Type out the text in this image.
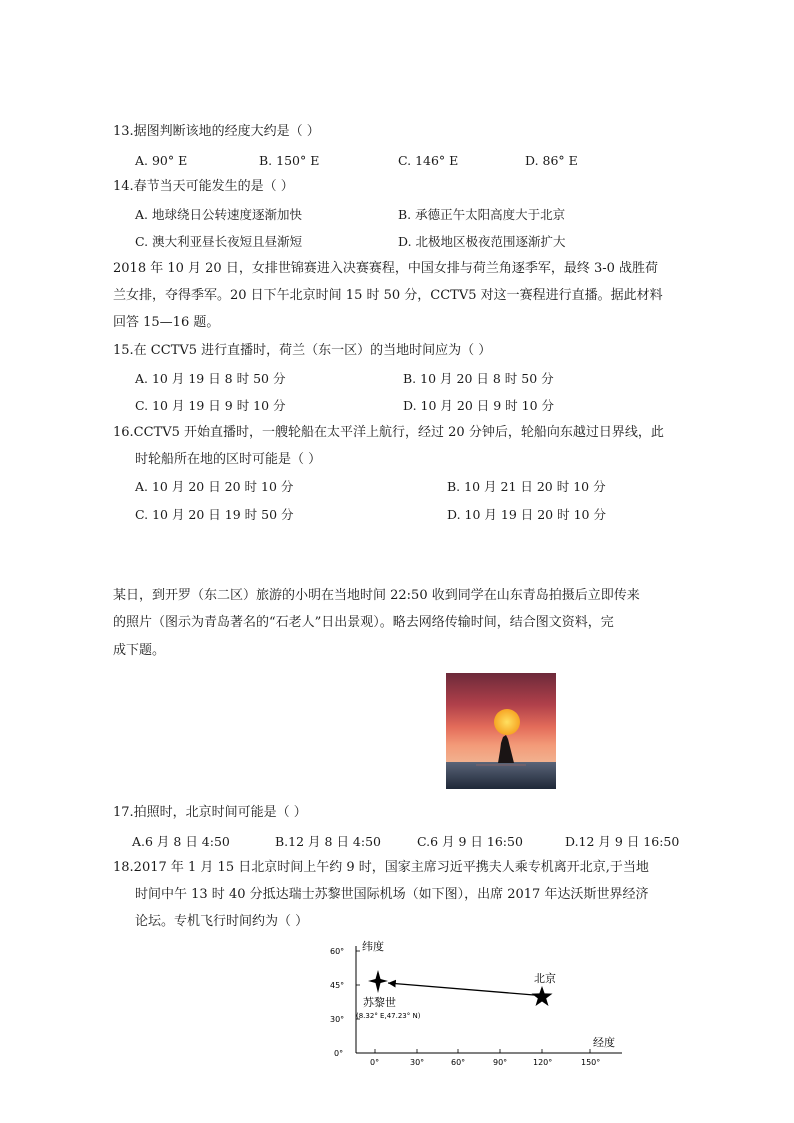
13.据图判断该地的经度大约是（ ）
A. 90° E	B. 150° E	C. 146° E	D. 86° E
14.春节当天可能发生的是（ ）
A. 地球绕日公转速度逐渐加快	B. 承德正午太阳高度大于北京
C. 澳大利亚昼长夜短且昼渐短	D. 北极地区极夜范围逐渐扩大
2018 年 10 月 20 日，女排世锦赛进入决赛赛程，中国女排与荷兰角逐季军，最终 3-0 战胜荷
兰女排，夺得季军。20 日下午北京时间 15 时 50 分，CCTV5 对这一赛程进行直播。据此材料
回答 15—16 题。
15.在 CCTV5 进行直播时，荷兰（东一区）的当地时间应为（ ）
A. 10 月 19 日 8 时 50 分	B. 10 月 20 日 8 时 50 分
C. 10 月 19 日 9 时 10 分	D. 10 月 20 日 9 时 10 分
16.CCTV5 开始直播时，一艘轮船在太平洋上航行，经过 20 分钟后，轮船向东越过日界线，此
时轮船所在地的区时可能是（ ）
A. 10 月 20 日 20 时 10 分	B. 10 月 21 日 20 时 10 分
C. 10 月 20 日 19 时 50 分	D. 10 月 19 日 20 时 10 分
某日，到开罗（东二区）旅游的小明在当地时间 22:50 收到同学在山东青岛拍摄后立即传来
的照片（图示为青岛著名的“石老人”日出景观）。略去网络传输时间，结合图文资料，完
成下题。
17.拍照时，北京时间可能是（ ）
A.6 月 8 日 4:50	B.12 月 8 日 4:50	C.6 月 9 日 16:50	D.12 月 9 日 16:50
18.2017 年 1 月 15 日北京时间上午约 9 时，国家主席习近平携夫人乘专机离开北京,于当地
时间中午 13 时 40 分抵达瑞士苏黎世国际机场（如下图），出席 2017 年达沃斯世界经济
论坛。专机飞行时间约为（ ）
纬度
经度
60°
45°
30°
0°
0°	30°	60°	90°	120°	150°
苏黎世
(8.32° E,47.23° N)
北京
